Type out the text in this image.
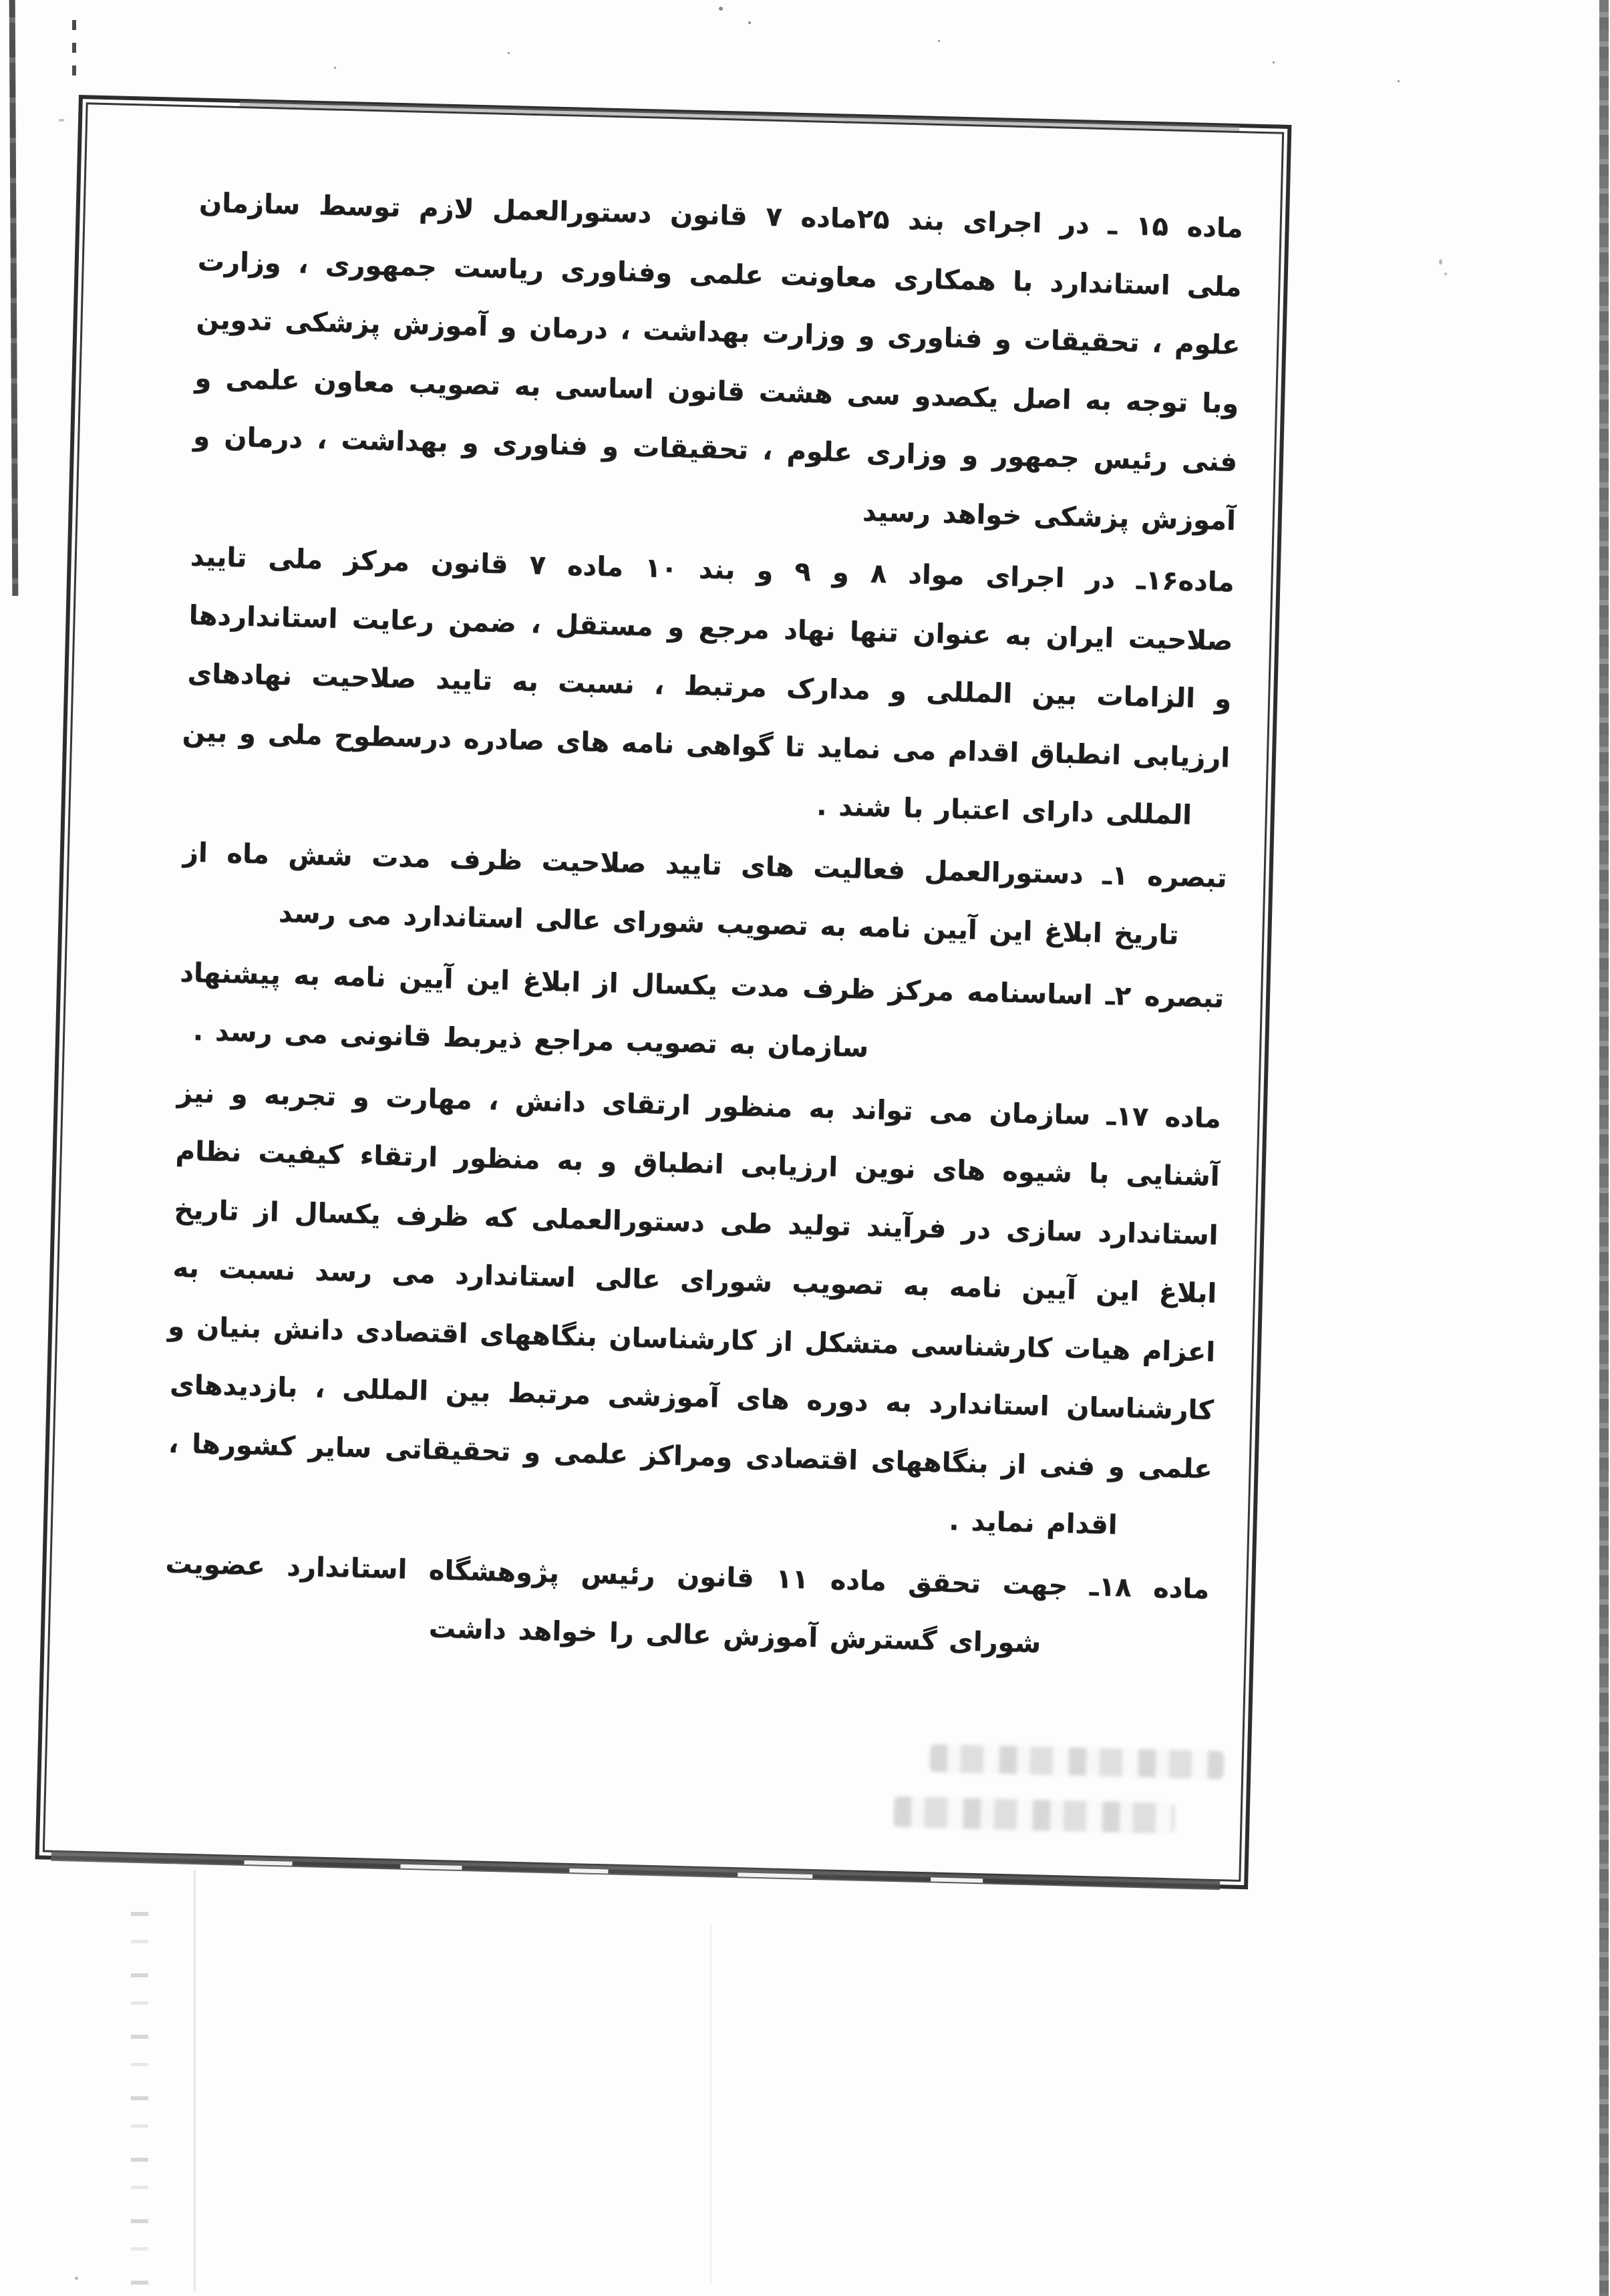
ماده ۱۵ ـ در اجرای بند ۲۵ماده ۷ قانون دستورالعمل لازم توسط سازمان
ملی استاندارد با همکاری معاونت علمی وفناوری ریاست جمهوری ، وزارت
علوم ، تحقیقات و فناوری و وزارت بهداشت ، درمان و آموزش پزشکی تدوین
وبا توجه به اصل یکصدو سی هشت قانون اساسی به تصویب معاون علمی و
فنی رئیس جمهور و وزاری علوم ، تحقیقات و فناوری و بهداشت ، درمان و
آموزش پزشکی خواهد رسید
ماده۱۶ـ در اجرای مواد ۸ و ۹ و بند ۱۰ ماده ۷ قانون مرکز ملی تایید
صلاحیت ایران به عنوان تنها نهاد مرجع و مستقل ، ضمن رعایت استانداردها
و الزامات بین المللی و مدارک مرتبط ، نسبت به تایید صلاحیت نهادهای
ارزیابی انطباق اقدام می نماید تا گواهی نامه های صادره درسطوح ملی و بین
المللی دارای اعتبار با شند .
تبصره ۱ـ دستورالعمل فعالیت های تایید صلاحیت ظرف مدت شش ماه از
تاریخ ابلاغ این آیین نامه به تصویب شورای عالی استاندارد می رسد
تبصره ۲ـ اساسنامه مرکز ظرف مدت یکسال از ابلاغ این آیین نامه به پیشنهاد
سازمان به تصویب مراجع ذیربط قانونی می رسد .
ماده ۱۷ـ سازمان می تواند به منظور ارتقای دانش ، مهارت و تجربه و نیز
آشنایی با شیوه های نوین ارزیابی انطباق و به منظور ارتقاء کیفیت نظام
استاندارد سازی در فرآیند تولید طی دستورالعملی که ظرف یکسال از تاریخ
ابلاغ این آیین نامه به تصویب شورای عالی استاندارد می رسد نسبت به
اعزام هیات کارشناسی متشکل از کارشناسان بنگاههای اقتصادی دانش بنیان و
کارشناسان استاندارد به دوره های آموزشی مرتبط بین المللی ، بازدیدهای
علمی و فنی از بنگاههای اقتصادی ومراکز علمی و تحقیقاتی سایر کشورها ،
اقدام نماید .
ماده ۱۸ـ جهت تحقق ماده ۱۱ قانون رئیس پژوهشگاه استاندارد عضویت
شورای گسترش آموزش عالی را خواهد داشت
